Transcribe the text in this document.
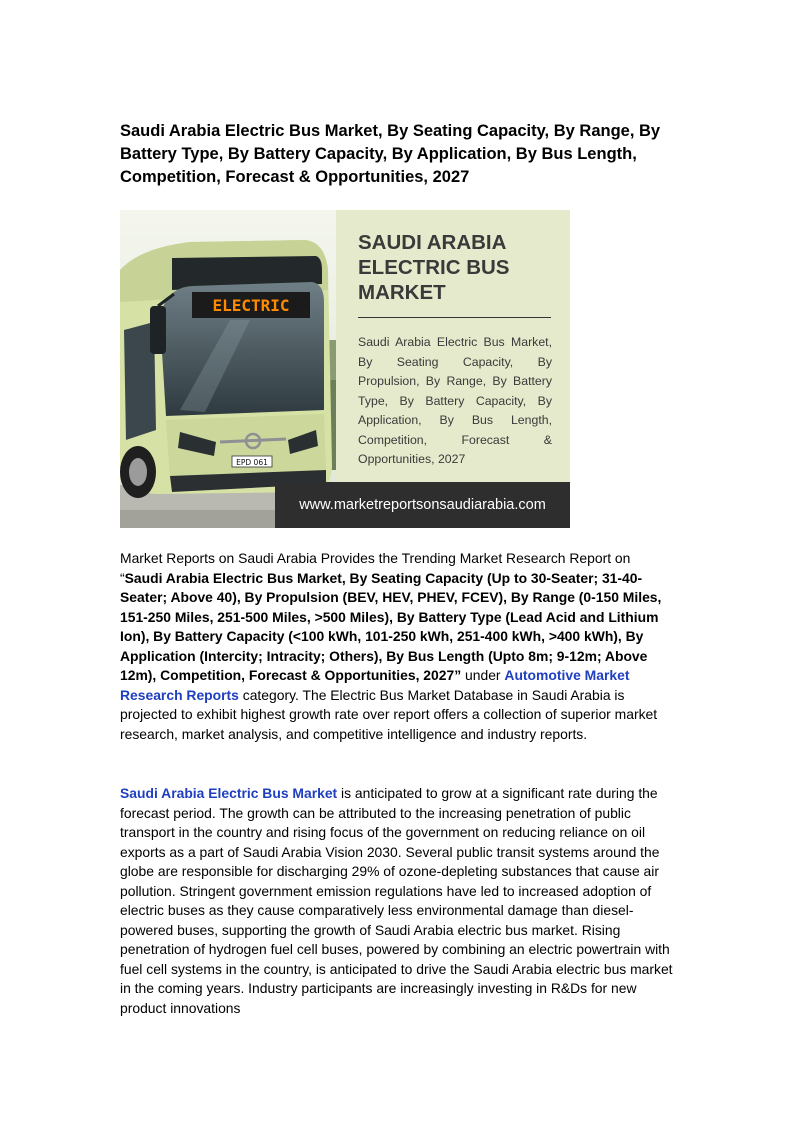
Saudi Arabia Electric Bus Market, By Seating Capacity, By Range, By Battery Type, By Battery Capacity, By Application, By Bus Length, Competition, Forecast & Opportunities, 2027
ELECTRIC
EPD 061
SAUDI ARABIA
ELECTRIC BUS
MARKET
Saudi Arabia Electric Bus Market, By Seating Capacity, By Propulsion, By Range, By Battery Type, By Battery Capacity, By Application, By Bus Length, Competition, Forecast & Opportunities, 2027
www.marketreportsonsaudiarabia.com

Market Reports on Saudi Arabia Provides the Trending Market Research Report on “Saudi Arabia Electric Bus Market, By Seating Capacity (Up to 30-Seater; 31-40-Seater; Above 40), By Propulsion (BEV, HEV, PHEV, FCEV), By Range (0-150 Miles, 151-250 Miles, 251-500 Miles, >500 Miles), By Battery Type (Lead Acid and Lithium Ion), By Battery Capacity (<100 kWh, 101-250 kWh, 251-400 kWh, >400 kWh), By Application (Intercity; Intracity; Others), By Bus Length (Upto 8m; 9-12m; Above 12m), Competition, Forecast & Opportunities, 2027” under Automotive Market Research Reports category. The Electric Bus Market Database in Saudi Arabia is projected to exhibit highest growth rate over report offers a collection of superior market research, market analysis, and competitive intelligence and industry reports.

Saudi Arabia Electric Bus Market is anticipated to grow at a significant rate during the forecast period. The growth can be attributed to the increasing penetration of public transport in the country and rising focus of the government on reducing reliance on oil exports as a part of Saudi Arabia Vision 2030. Several public transit systems around the globe are responsible for discharging 29% of ozone-depleting substances that cause air pollution. Stringent government emission regulations have led to increased adoption of electric buses as they cause comparatively less environmental damage than diesel-powered buses, supporting the growth of Saudi Arabia electric bus market. Rising penetration of hydrogen fuel cell buses, powered by combining an electric powertrain with fuel cell systems in the country, is anticipated to drive the Saudi Arabia electric bus market in the coming years. Industry participants are increasingly investing in R&Ds for new product innovations
